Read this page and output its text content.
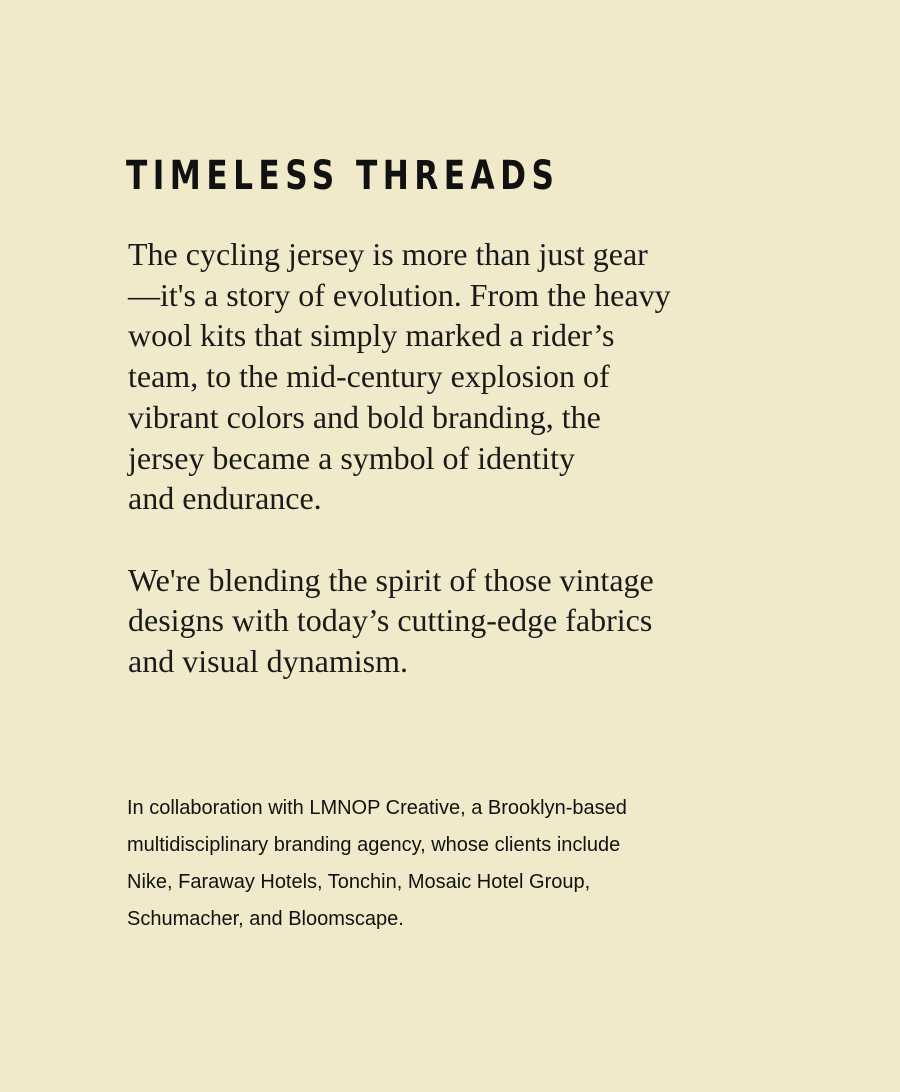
TIMELESS THREADS

The cycling jersey is more than just gear
—it's a story of evolution. From the heavy
wool kits that simply marked a rider’s
team, to the mid-century explosion of
vibrant colors and bold branding, the
jersey became a symbol of identity
and endurance.

We're blending the spirit of those vintage
designs with today’s cutting-edge fabrics
and visual dynamism.

In collaboration with LMNOP Creative, a Brooklyn-based
multidisciplinary branding agency, whose clients include
Nike, Faraway Hotels, Tonchin, Mosaic Hotel Group,
Schumacher, and Bloomscape.
